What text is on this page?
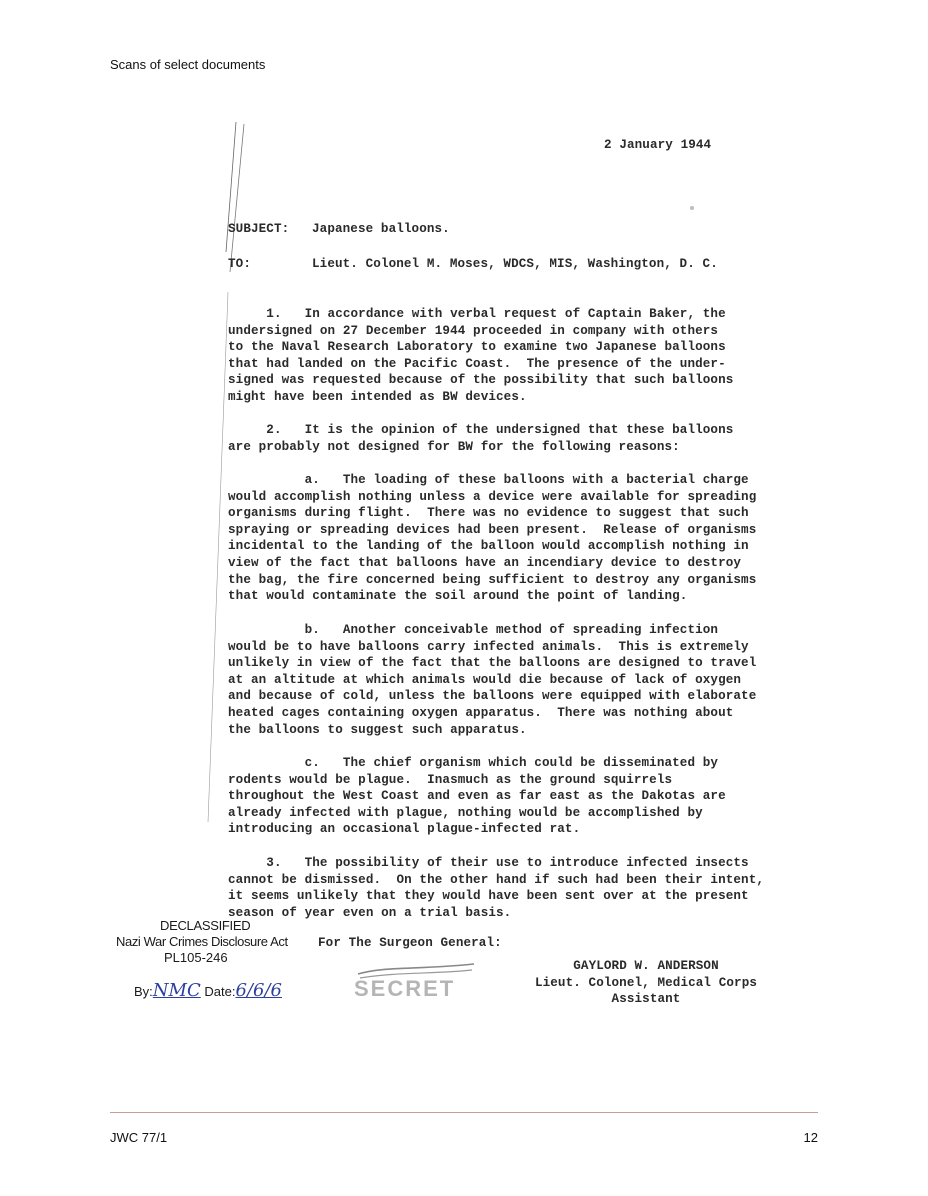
Scans of select documents
2 January 1944
SUBJECT: Japanese balloons.
TO:	Lieut. Colonel M. Moses, WDCS, MIS, Washington, D. C.
1.   In accordance with verbal request of Captain Baker, the
undersigned on 27 December 1944 proceeded in company with others
to the Naval Research Laboratory to examine two Japanese balloons
that had landed on the Pacific Coast.  The presence of the under-
signed was requested because of the possibility that such balloons
might have been intended as BW devices.
2.   It is the opinion of the undersigned that these balloons
are probably not designed for BW for the following reasons:
a.   The loading of these balloons with a bacterial charge
would accomplish nothing unless a device were available for spreading
organisms during flight.  There was no evidence to suggest that such
spraying or spreading devices had been present.  Release of organisms
incidental to the landing of the balloon would accomplish nothing in
view of the fact that balloons have an incendiary device to destroy
the bag, the fire concerned being sufficient to destroy any organisms
that would contaminate the soil around the point of landing.
b.   Another conceivable method of spreading infection
would be to have balloons carry infected animals.  This is extremely
unlikely in view of the fact that the balloons are designed to travel
at an altitude at which animals would die because of lack of oxygen
and because of cold, unless the balloons were equipped with elaborate
heated cages containing oxygen apparatus.  There was nothing about
the balloons to suggest such apparatus.
c.   The chief organism which could be disseminated by
rodents would be plague.  Inasmuch as the ground squirrels
throughout the West Coast and even as far east as the Dakotas are
already infected with plague, nothing would be accomplished by
introducing an occasional plague-infected rat.
3.   The possibility of their use to introduce infected insects
cannot be dismissed.  On the other hand if such had been their intent,
it seems unlikely that they would have been sent over at the present
season of year even on a trial basis.
For The Surgeon General:
GAYLORD W. ANDERSON
Lieut. Colonel, Medical Corps
Assistant
SECRET
DECLASSIFIED
Nazi War Crimes Disclosure Act
PL105-246
By:NMC Date:6/6/6
JWC 77/1	12
